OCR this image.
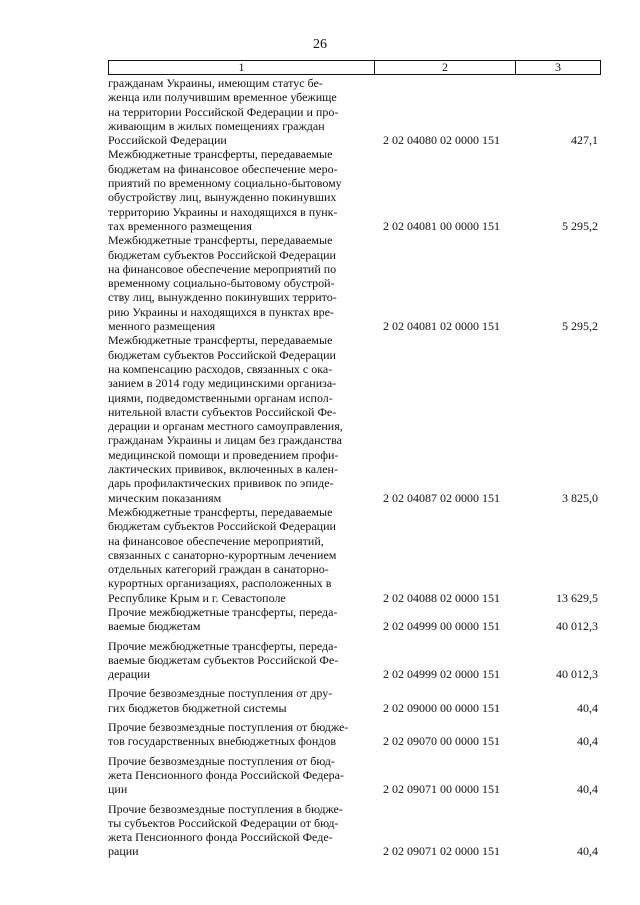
26
1	2	3
гражданам Украины, имеющим статус бе-
женца или получившим временное убежище
на территории Российской Федерации и про-
живающим в жилых помещениях граждан
Российской Федерации	2 02 04080 02 0000 151	427,1
Межбюджетные трансферты, передаваемые
бюджетам на финансовое обеспечение меро-
приятий по временному социально-бытовому
обустройству лиц, вынужденно покинувших
территорию Украины и находящихся в пунк-
тах временного размещения	2 02 04081 00 0000 151	5 295,2
Межбюджетные трансферты, передаваемые
бюджетам субъектов Российской Федерации
на финансовое обеспечение мероприятий по
временному социально-бытовому обустрой-
ству лиц, вынужденно покинувших террито-
рию Украины и находящихся в пунктах вре-
менного размещения	2 02 04081 02 0000 151	5 295,2
Межбюджетные трансферты, передаваемые
бюджетам субъектов Российской Федерации
на компенсацию расходов, связанных с ока-
занием в 2014 году медицинскими организа-
циями, подведомственными органам испол-
нительной власти субъектов Российской Фе-
дерации и органам местного самоуправления,
гражданам Украины и лицам без гражданства
медицинской помощи и проведением профи-
лактических прививок, включенных в кален-
дарь профилактических прививок по эпиде-
мическим показаниям	2 02 04087 02 0000 151	3 825,0
Межбюджетные трансферты, передаваемые
бюджетам субъектов Российской Федерации
на финансовое обеспечение мероприятий,
связанных с санаторно-курортным лечением
отдельных категорий граждан в санаторно-
курортных организациях, расположенных в
Республике Крым и г. Севастополе	2 02 04088 02 0000 151	13 629,5
Прочие межбюджетные трансферты, переда-
ваемые бюджетам	2 02 04999 00 0000 151	40 012,3
Прочие межбюджетные трансферты, переда-
ваемые бюджетам субъектов Российской Фе-
дерации	2 02 04999 02 0000 151	40 012,3
Прочие безвозмездные поступления от дру-
гих бюджетов бюджетной системы	2 02 09000 00 0000 151	40,4
Прочие безвозмездные поступления от бюдже-
тов государственных внебюджетных фондов	2 02 09070 00 0000 151	40,4
Прочие безвозмездные поступления от бюд-
жета Пенсионного фонда Российской Федера-
ции	2 02 09071 00 0000 151	40,4
Прочие безвозмездные поступления в бюдже-
ты субъектов Российской Федерации от бюд-
жета Пенсионного фонда Российской Феде-
рации	2 02 09071 02 0000 151	40,4
